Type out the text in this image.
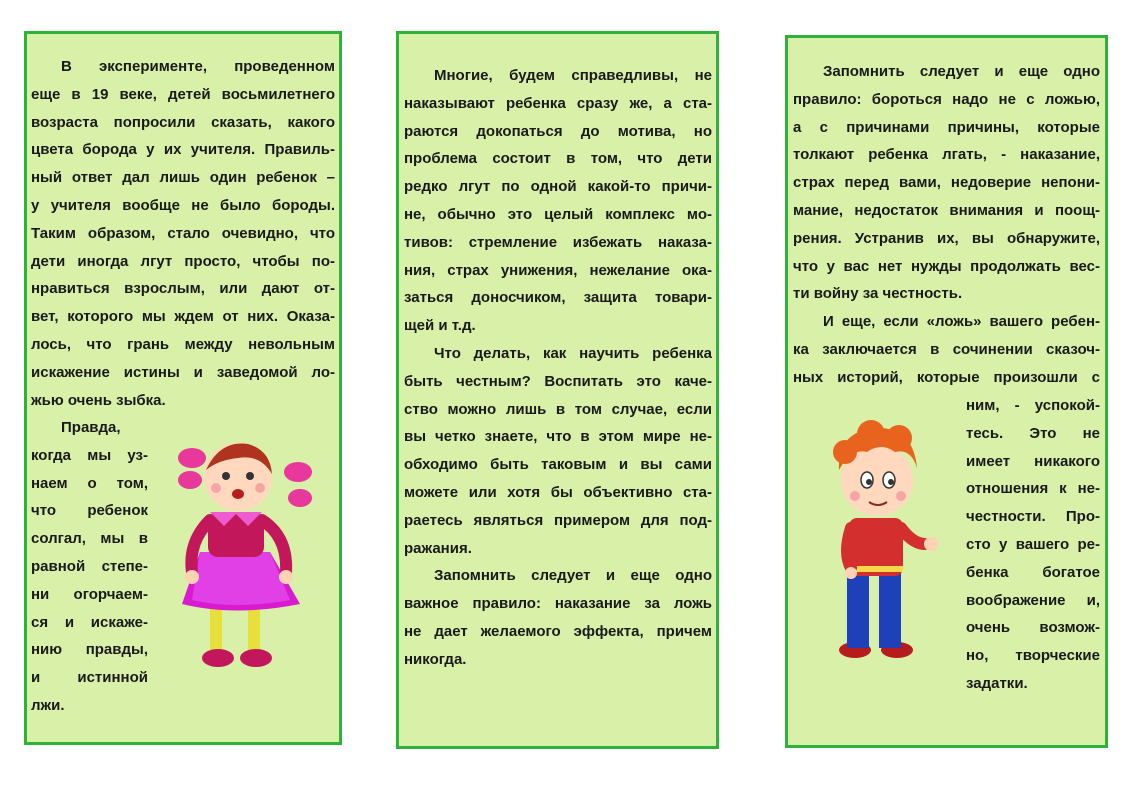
В эксперименте, проведенном

еще в 19 веке, детей восьмилетнего

возраста попросили сказать, какого

цвета борода у их учителя. Правиль-

ный ответ дал лишь один ребенок –

у учителя вообще не было бороды.

Таким образом, стало очевидно, что

дети иногда лгут просто, чтобы по-

нравиться взрослым, или дают от-

вет, которого мы ждем от них. Оказа-

лось, что грань между невольным

искажение истины и заведомой ло-

жью очень зыбка.

Правда,

когда мы уз-

наем о том,

что ребенок

солгал, мы в

равной степе-

ни огорчаем-

ся и искаже-

нию правды,

и истинной

лжи.

Многие, будем справедливы, не

наказывают ребенка сразу же, а ста-

раются докопаться до мотива, но

проблема состоит в том, что дети

редко лгут по одной какой-то причи-

не, обычно это целый комплекс мо-

тивов: стремление избежать наказа-

ния, страх унижения, нежелание ока-

заться доносчиком, защита товари-

щей и т.д.

Что делать, как научить ребенка

быть честным? Воспитать это каче-

ство можно лишь в том случае, если

вы четко знаете, что в этом мире не-

обходимо быть таковым и вы сами

можете или хотя бы объективно ста-

раетесь являться примером для под-

ражания.

Запомнить следует и еще одно

важное правило: наказание за ложь

не дает желаемого эффекта, причем

никогда.

Запомнить следует и еще одно

правило: бороться надо не с ложью,

а с причинами причины, которые

толкают ребенка лгать, - наказание,

страх перед вами, недоверие непони-

мание, недостаток внимания и поощ-

рения. Устранив их, вы обнаружите,

что у вас нет нужды продолжать вес-

ти войну за честность.

И еще, если «ложь» вашего ребен-

ка заключается в сочинении сказоч-

ных историй, которые произошли с

ним, - успокой-

тесь. Это не

имеет никакого

отношения к не-

честности. Про-

сто у вашего ре-

бенка богатое

воображение и,

очень возмож-

но, творческие

задатки.
